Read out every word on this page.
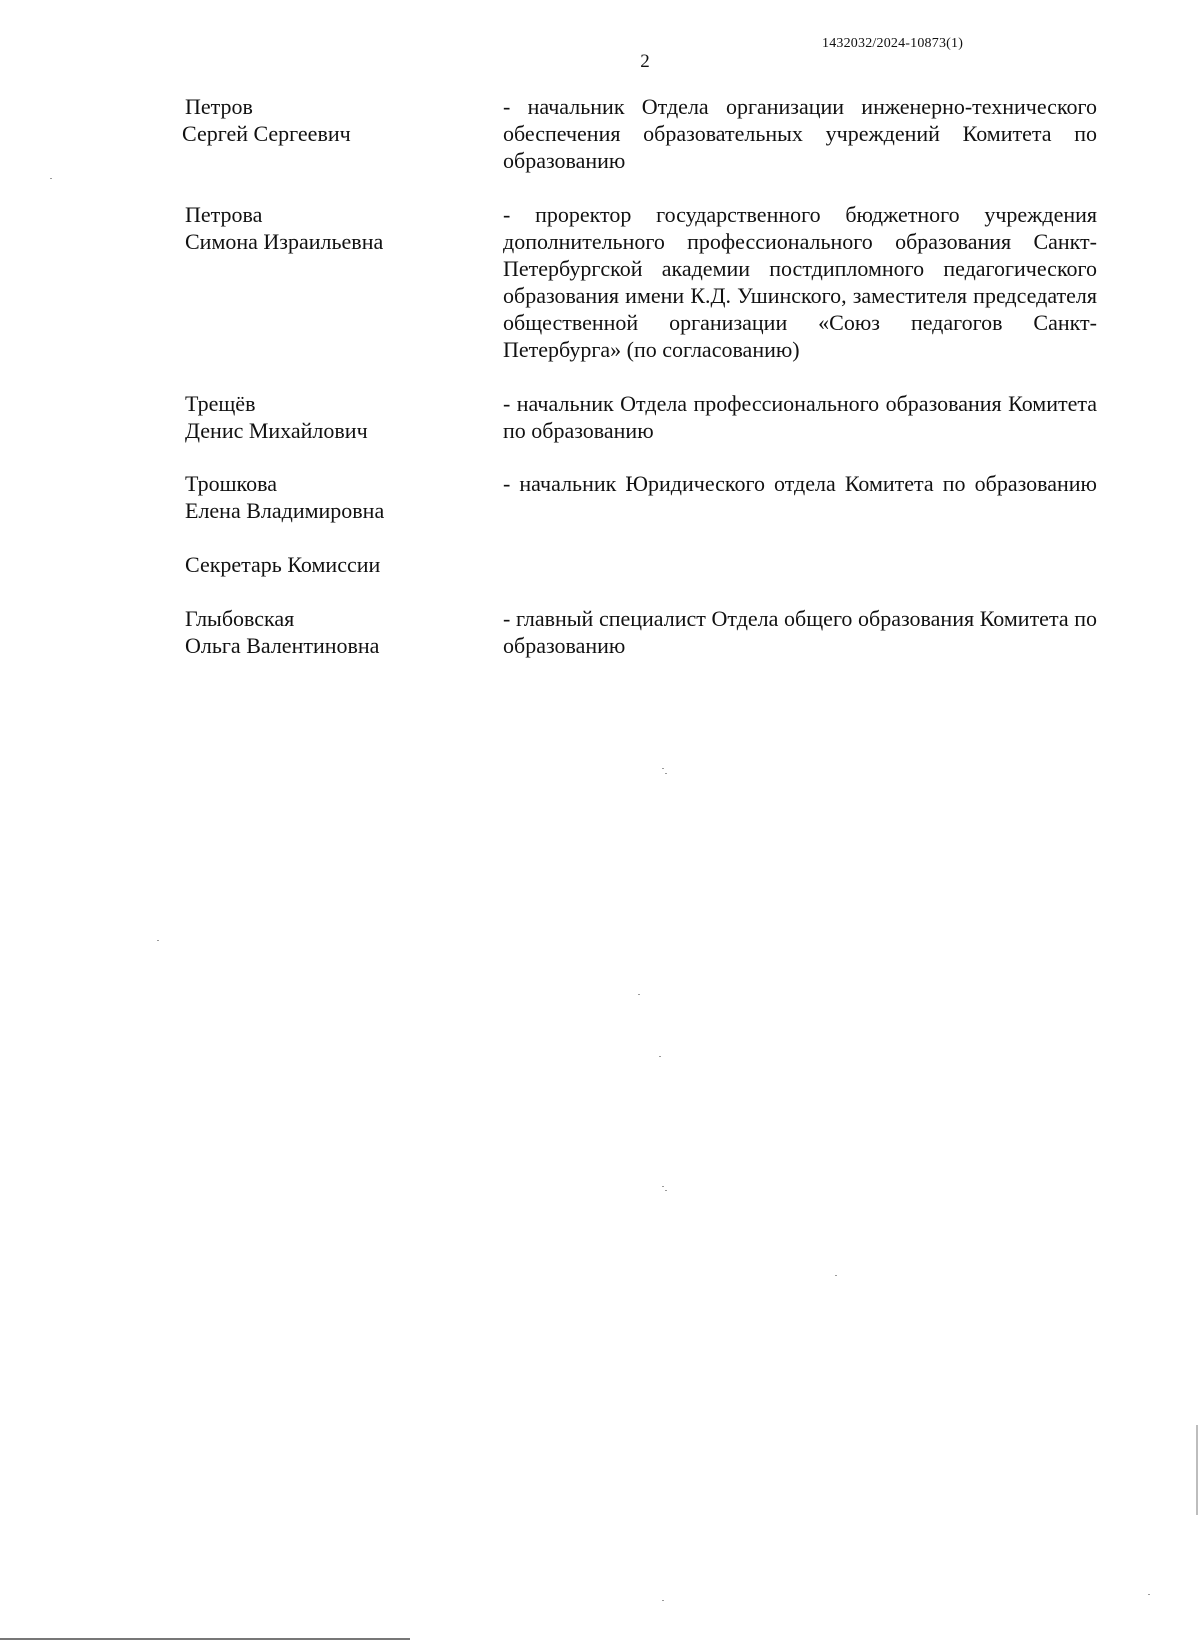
1432032/2024-10873(1)
2
Петров
Сергей Сергеевич
- начальник Отдела организации инженерно-технического обеспечения образовательных учреждений Комитета по образованию
Петрова
Симона Израильевна
- проректор государственного бюджетного учреждения дополнительного профессионального образования Санкт-Петербургской академии постдипломного педагогического образования имени К.Д. Ушинского, заместителя председателя общественной организации «Союз педагогов Санкт-Петербурга» (по согласованию)
Трещёв
Денис Михайлович
- начальник Отдела профессионального образования Комитета по образованию
Трошкова
Елена Владимировна
- начальник Юридического отдела Комитета по образованию
Секретарь Комиссии
Глыбовская
Ольга Валентиновна
- главный специалист Отдела общего образования Комитета по образованию
